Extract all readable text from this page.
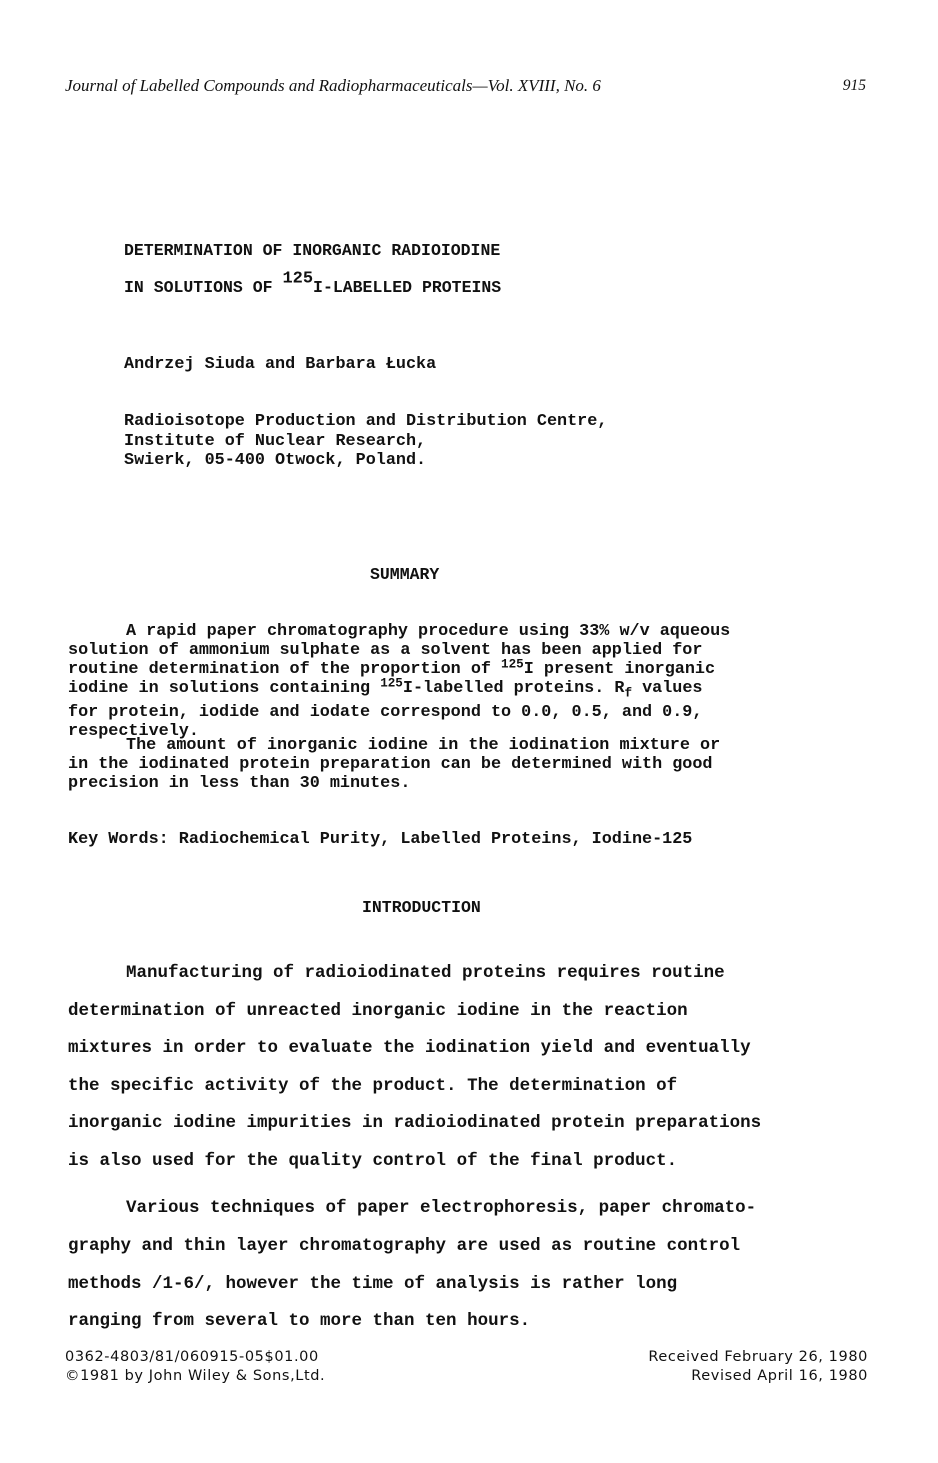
Journal of Labelled Compounds and Radiopharmaceuticals—Vol. XVIII, No. 6	915
DETERMINATION OF INORGANIC RADIOIODINE
IN SOLUTIONS OF $^{125}$I-LABELLED PROTEINS
Andrzej Siuda and Barbara Łucka
Radioisotope Production and Distribution Centre,
Institute of Nuclear Research,
Swierk, 05-400 Otwock, Poland.
SUMMARY
A rapid paper chromatography procedure using 33% w/v aqueous
solution of ammonium sulphate as a solvent has been applied for
routine determination of the proportion of $^{125}$I present inorganic
iodine in solutions containing $^{125}$I-labelled proteins. $R_f$ values
for protein, iodide and iodate correspond to 0.0, 0.5, and 0.9,
respectively.
The amount of inorganic iodine in the iodination mixture or
in the iodinated protein preparation can be determined with good
precision in less than 30 minutes.
Key Words: Radiochemical Purity, Labelled Proteins, Iodine-125
INTRODUCTION
Manufacturing of radioiodinated proteins requires routine
determination of unreacted inorganic iodine in the reaction
mixtures in order to evaluate the iodination yield and eventually
the specific activity of the product. The determination of
inorganic iodine impurities in radioiodinated protein preparations
is also used for the quality control of the final product.
Various techniques of paper electrophoresis, paper chromato-
graphy and thin layer chromatography are used as routine control
methods /1-6/, however the time of analysis is rather long
ranging from several to more than ten hours.
0362-4803/81/060915-05$01.00
©1981 by John Wiley & Sons,Ltd.
Received February 26, 1980
Revised April 16, 1980
